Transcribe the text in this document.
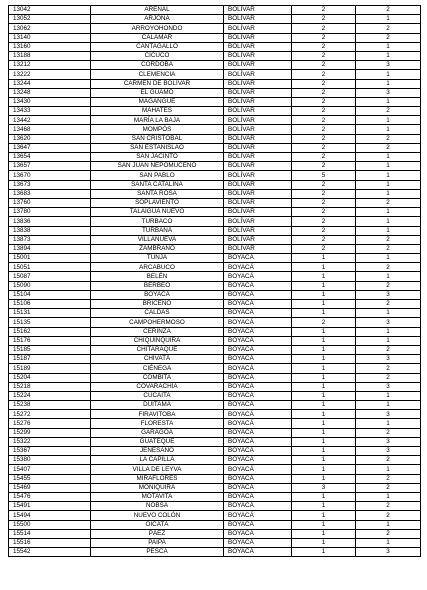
13042	ARENAL	BOLÍVAR	2	2
13052	ARJONA	BOLÍVAR	2	1
13062	ARROYOHONDO	BOLÍVAR	2	2
13140	CALAMAR	BOLÍVAR	2	2
13160	CANTAGALLO	BOLÍVAR	2	1
13188	CICUCO	BOLÍVAR	2	1
13212	CÓRDOBA	BOLÍVAR	2	3
13222	CLEMENCIA	BOLÍVAR	2	1
13244	CARMEN DE BOLÍVAR	BOLÍVAR	2	1
13248	EL GUAMO	BOLÍVAR	2	3
13430	MAGANGUÉ	BOLÍVAR	2	1
13433	MAHATES	BOLÍVAR	2	2
13442	MARÍA LA BAJA	BOLÍVAR	2	1
13468	MOMPÓS	BOLÍVAR	2	1
13620	SAN CRISTÓBAL	BOLÍVAR	2	2
13647	SAN ESTANISLAO	BOLÍVAR	2	2
13654	SAN JACINTO	BOLÍVAR	2	1
13657	SAN JUAN NEPOMUCENO	BOLÍVAR	2	1
13670	SAN PABLO	BOLÍVAR	5	1
13673	SANTA CATALINA	BOLÍVAR	2	1
13683	SANTA ROSA	BOLÍVAR	2	1
13760	SOPLAVIENTO	BOLÍVAR	2	2
13780	TALAIGUA NUEVO	BOLÍVAR	2	1
13836	TURBACO	BOLÍVAR	2	1
13838	TURBANÁ	BOLÍVAR	2	1
13873	VILLANUEVA	BOLÍVAR	2	2
13894	ZAMBRANO	BOLÍVAR	2	2
15001	TUNJA	BOYACÁ	1	1
15051	ARCABUCO	BOYACÁ	1	2
15087	BELÉN	BOYACÁ	1	1
15090	BERBEO	BOYACÁ	1	2
15104	BOYACÁ	BOYACÁ	1	3
15106	BRICEÑO	BOYACÁ	1	2
15131	CALDAS	BOYACÁ	1	1
15135	CAMPOHERMOSO	BOYACÁ	2	3
15162	CERINZA	BOYACÁ	1	1
15176	CHIQUINQUIRÁ	BOYACÁ	1	1
15185	CHITARAQUE	BOYACÁ	1	2
15187	CHIVATÁ	BOYACÁ	1	3
15189	CIÉNEGA	BOYACÁ	1	2
15204	CÓMBITA	BOYACÁ	1	2
15218	COVARACHÍA	BOYACÁ	1	3
15224	CUCAITA	BOYACÁ	1	1
15238	DUITAMA	BOYACÁ	1	1
15272	FIRAVITOBA	BOYACÁ	1	3
15276	FLORESTA	BOYACÁ	1	1
15299	GARAGOA	BOYACÁ	1	2
15322	GUATEQUE	BOYACÁ	1	3
15367	JENESANO	BOYACÁ	1	3
15380	LA CAPILLA	BOYACÁ	1	2
15407	VILLA DE LEYVA	BOYACÁ	1	1
15455	MIRAFLORES	BOYACÁ	1	2
15469	MONIQUIRÁ	BOYACÁ	3	2
15476	MOTAVITA	BOYACÁ	1	1
15491	NOBSA	BOYACÁ	1	2
15494	NUEVO COLÓN	BOYACÁ	1	2
15500	OICATÁ	BOYACÁ	1	1
15514	PÁEZ	BOYACÁ	1	2
15516	PAIPA	BOYACÁ	1	1
15542	PESCA	BOYACÁ	1	3
